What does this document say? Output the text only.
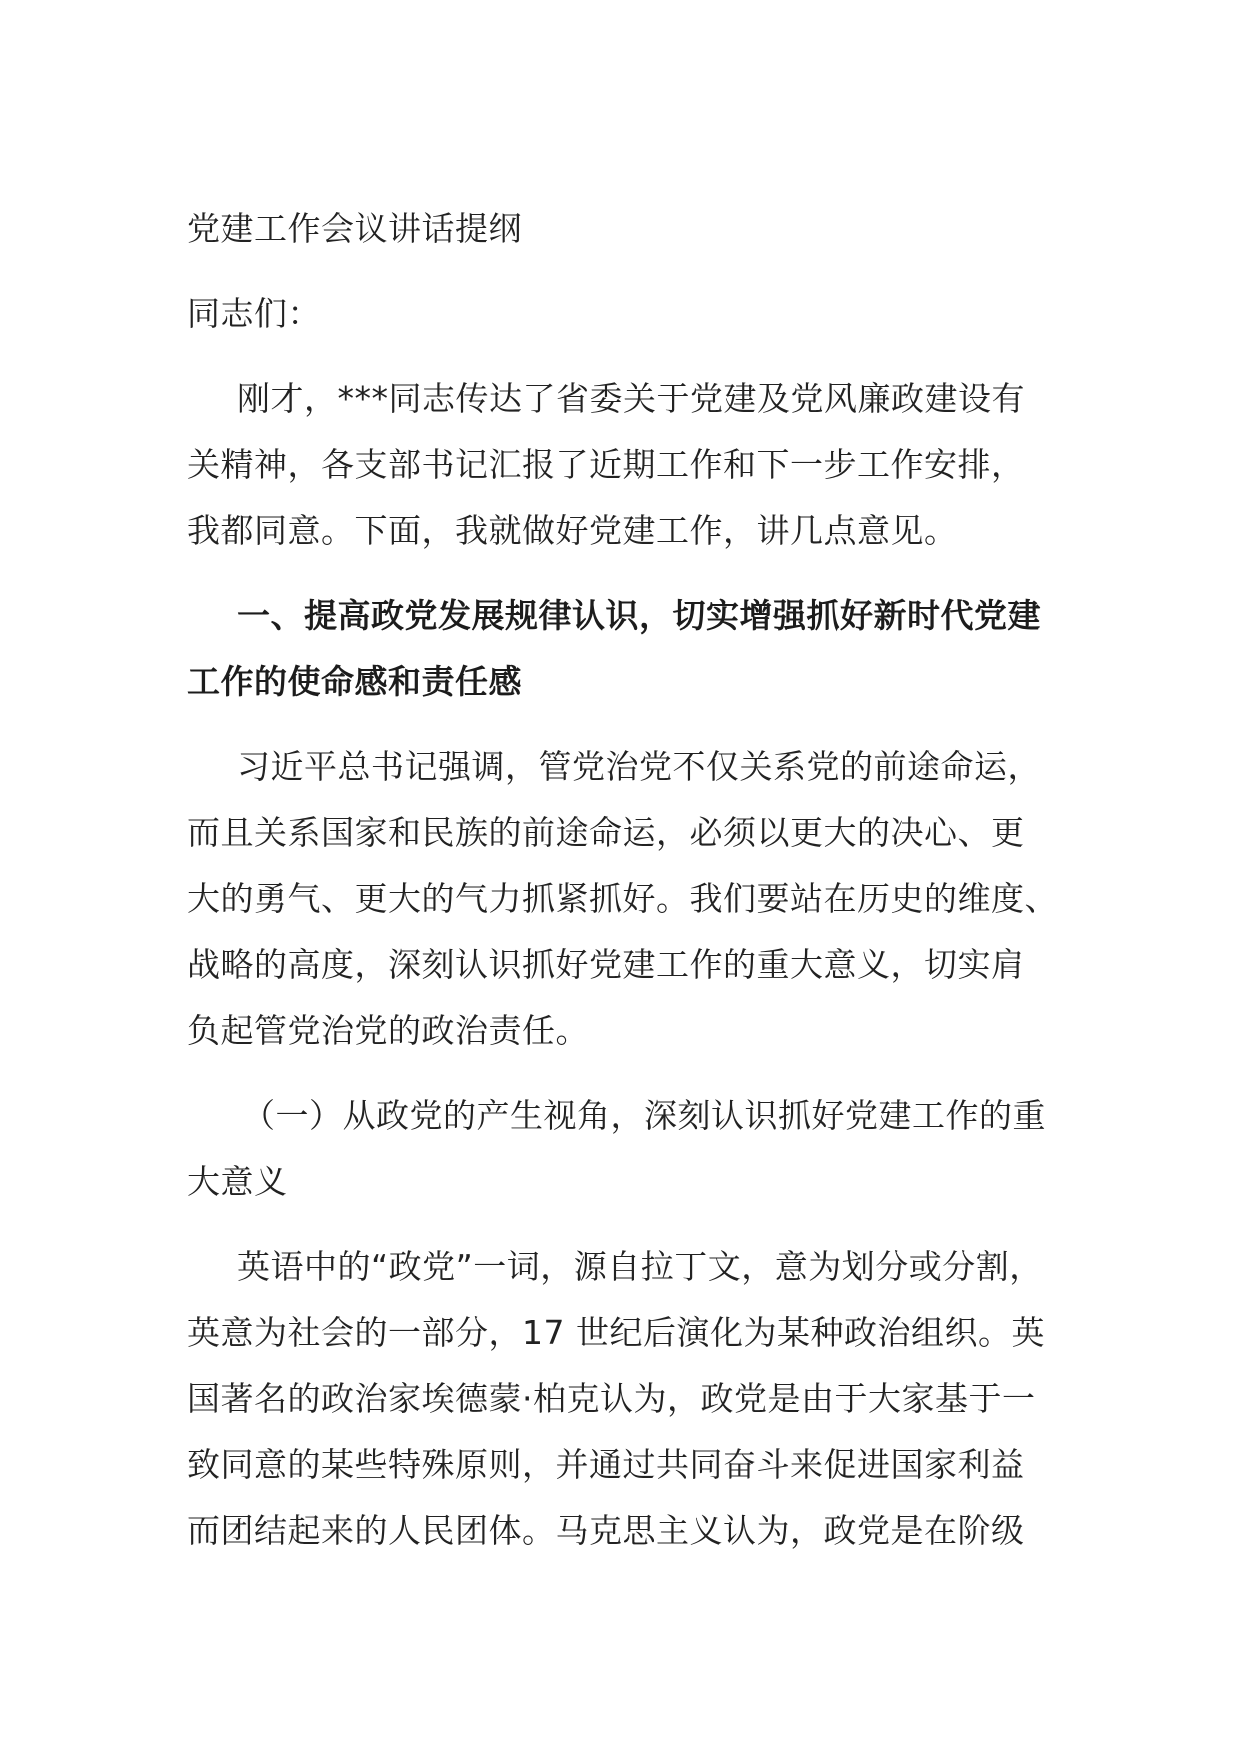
党建工作会议讲话提纲

同志们：

刚才，***同志传达了省委关于党建及党风廉政建设有

关精神，各支部书记汇报了近期工作和下一步工作安排，

我都同意。下面，我就做好党建工作，讲几点意见。

一、提高政党发展规律认识，切实增强抓好新时代党建

工作的使命感和责任感

习近平总书记强调，管党治党不仅关系党的前途命运，

而且关系国家和民族的前途命运，必须以更大的决心、更

大的勇气、更大的气力抓紧抓好。我们要站在历史的维度、

战略的高度，深刻认识抓好党建工作的重大意义，切实肩

负起管党治党的政治责任。

（一）从政党的产生视角，深刻认识抓好党建工作的重

大意义

英语中的“政党”一词，源自拉丁文，意为划分或分割，

英意为社会的一部分，17 世纪后演化为某种政治组织。英

国著名的政治家埃德蒙·柏克认为，政党是由于大家基于一

致同意的某些特殊原则，并通过共同奋斗来促进国家利益

而团结起来的人民团体。马克思主义认为，政党是在阶级
